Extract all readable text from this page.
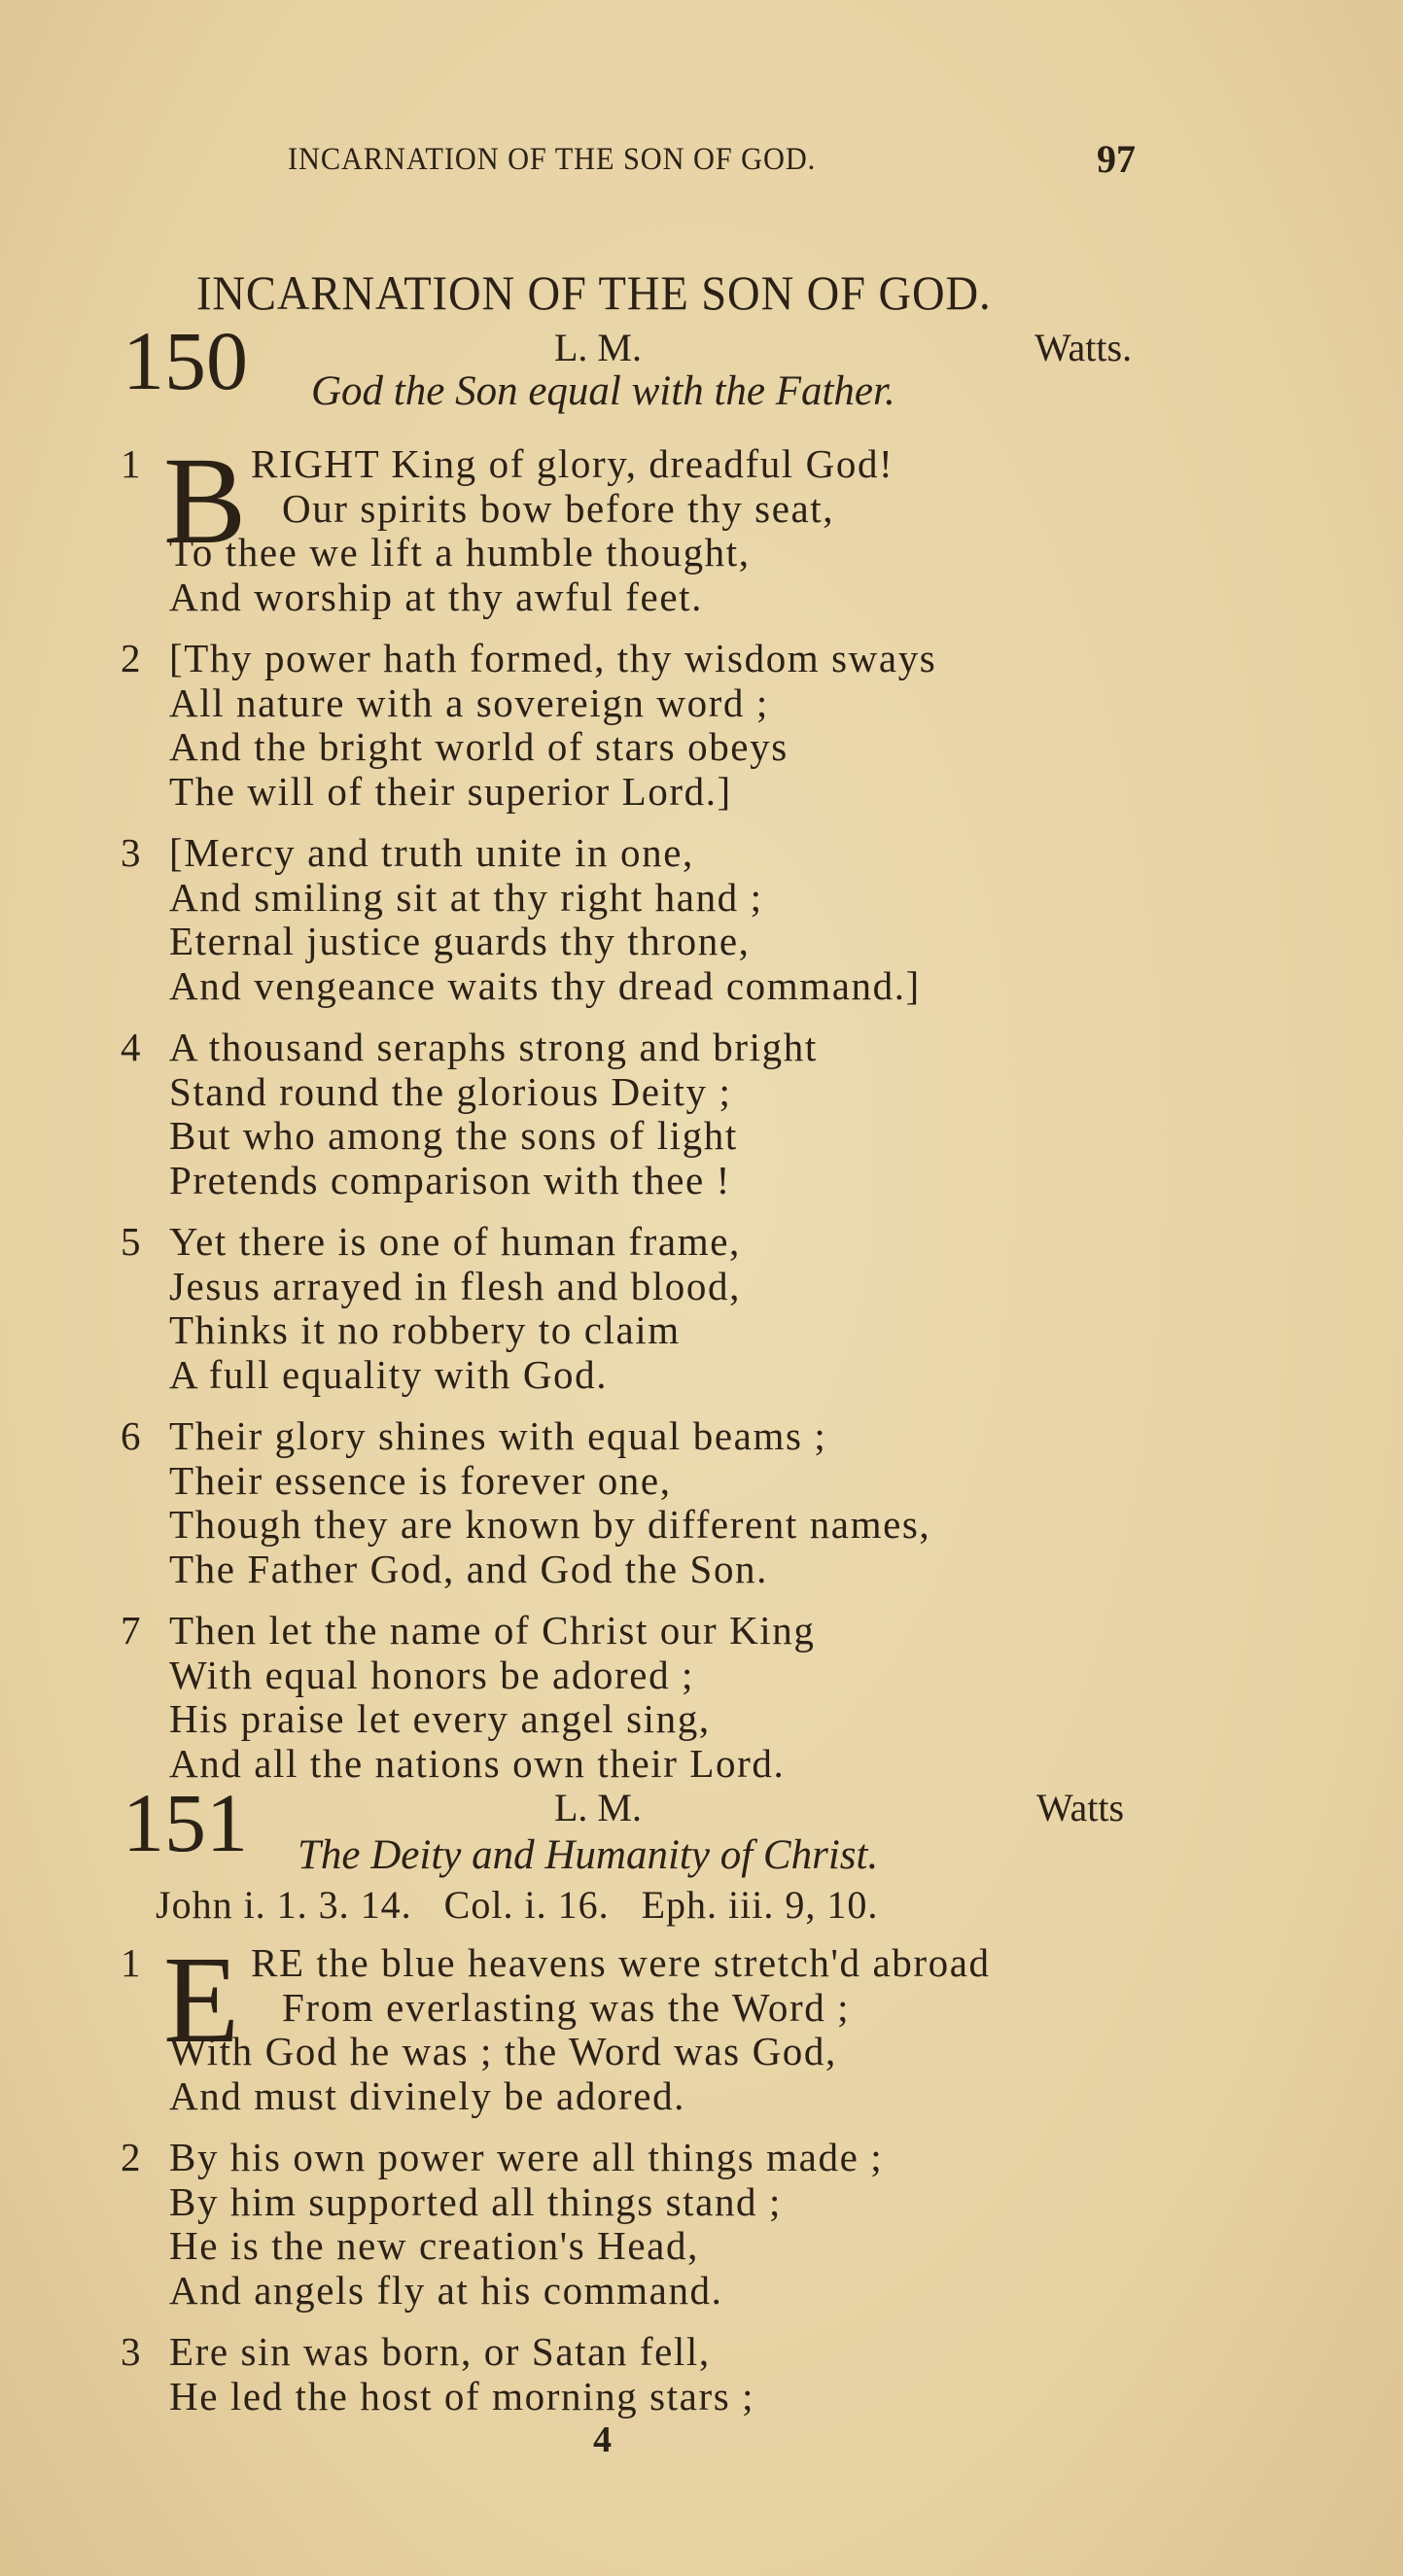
INCARNATION OF THE SON OF GOD.	97
INCARNATION OF THE SON OF GOD.
150	L. M.	Watts.
God the Son equal with the Father.
1 B RIGHT King of glory, dreadful God!
Our spirits bow before thy seat,
To thee we lift a humble thought,
And worship at thy awful feet.
2 [Thy power hath formed, thy wisdom sways
All nature with a sovereign word ;
And the bright world of stars obeys
The will of their superior Lord.]
3 [Mercy and truth unite in one,
And smiling sit at thy right hand ;
Eternal justice guards thy throne,
And vengeance waits thy dread command.]
4 A thousand seraphs strong and bright
Stand round the glorious Deity ;
But who among the sons of light
Pretends comparison with thee !
5 Yet there is one of human frame,
Jesus arrayed in flesh and blood,
Thinks it no robbery to claim
A full equality with God.
6 Their glory shines with equal beams ;
Their essence is forever one,
Though they are known by different names,
The Father God, and God the Son.
7 Then let the name of Christ our King
With equal honors be adored ;
His praise let every angel sing,
And all the nations own their Lord.
151	L. M.	Watts
The Deity and Humanity of Christ.
John i. 1. 3. 14.   Col. i. 16.   Eph. iii. 9, 10.
1 E RE the blue heavens were stretch'd abroad
From everlasting was the Word ;
With God he was ; the Word was God,
And must divinely be adored.
2 By his own power were all things made ;
By him supported all things stand ;
He is the new creation's Head,
And angels fly at his command.
3 Ere sin was born, or Satan fell,
He led the host of morning stars ;
4
